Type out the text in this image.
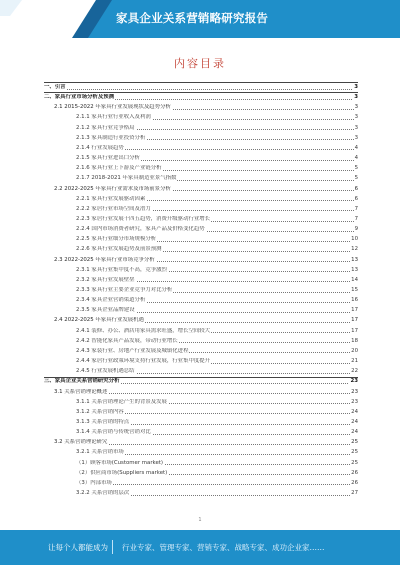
家具企业关系营销略研究报告
内容目录
一、引言	3
二、家具行业市场分析及预测	3
2.1 2015-2022 年家具行业发展现状及趋势分析	3
2.1.1 家具行业行业收入及利润	3
2.1.2 家具行业竞争格局	3
2.1.3 家具制造行业投资分析	3
2.1.4 行业发展趋势	4
2.1.5 家具行业进出口分析	4
2.1.6 家具行业上下游及产业链分析	5
2.1.7 2018-2021 年家具制造业景气指数	5
2.2 2022-2025 年家具行业需求及市场前景分析	6
2.2.1 家具行业发展驱动因素	6
2.2.2 家居行业市场空间及潜力	7
2.2.3 家居行业发展十四五趋势，消费升级驱动行业增长	7
2.2.4 国内市场消费者研究，家具产品及价格变化趋势	9
2.2.5 家具行业细分市场规模分析	10
2.2.6 家具行业发展趋势及前景预测	12
2.3 2022-2025 年家具行业市场竞争分析	13
2.3.1 家具行业集中度不高，竞争激烈	13
2.3.2 家具行业发展壁垒	14
2.3.3 家具行业主要企业竞争力对比分析	15
2.3.4 家具企业营销渠道分析	16
2.3.5 家具企业品牌建设	17
2.4 2022-2025 年家具行业发展机遇	17
2.4.1 装修、办公、酒店用家具需求旺盛，增长空间较大	17
2.4.2 智能化家具产品发展，带动行业增长	18
2.4.3 家装行业、房地产行业发展及城镇化进程	20
2.4.4 家居行业政策环境支持行业发展，行业集中度提升	21
2.4.5 行业发展机遇总结	22
三、家具企业关系营销研究分析	23
3.1 关系营销理论概述	23
3.1.1 关系营销理论产生的背景及发展	23
3.1.2 关系营销内容	24
3.1.3 关系营销的特点	24
3.1.4 关系营销与传统营销对比	24
3.2 关系营销理论研究	25
3.2.1 关系营销市场	25
（1）顾客市场(Customer market)	25
（2）供应商市场(Suppliers market)	26
（3）内部市场	26
3.2.2 关系营销的层次	27
1
让每个人都能成为 行业专家、管理专家、营销专家、战略专家、成功企业家……
